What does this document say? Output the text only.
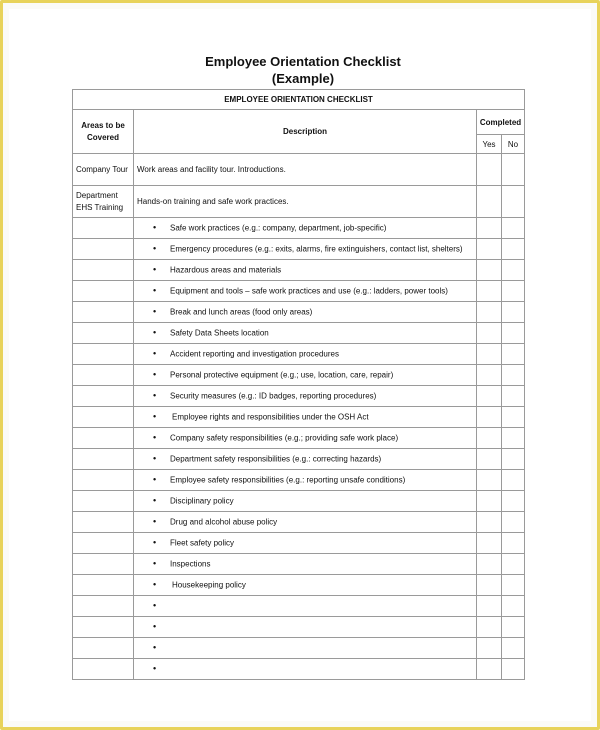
Employee Orientation Checklist
(Example)
EMPLOYEE ORIENTATION CHECKLIST			
Areas to be Covered	Description	Completed	
		Yes	No
Company Tour	Work areas and facility tour. Introductions.		
Department EHS Training	Hands-on training and safe work practices.		

	• Safe work practices (e.g.: company, department, job-specific)		

	• Emergency procedures (e.g.: exits, alarms, fire extinguishers, contact list, shelters)		

	• Hazardous areas and materials		

	• Equipment and tools – safe work practices and use (e.g.: ladders, power tools)		

	• Break and lunch areas (food only areas)		

	• Safety Data Sheets location		

	• Accident reporting and investigation procedures		

	• Personal protective equipment (e.g.; use, location, care, repair)		

	• Security measures (e.g.: ID badges, reporting procedures)		

	• Employee rights and responsibilities under the OSH Act		

	• Company safety responsibilities (e.g.; providing safe work place)		

	• Department safety responsibilities (e.g.: correcting hazards)		

	• Employee safety responsibilities (e.g.: reporting unsafe conditions)		

	• Disciplinary policy		

	• Drug and alcohol abuse policy		

	• Fleet safety policy		

	• Inspections		

	• Housekeeping policy		

	•		

	•		

	•		

	•		
